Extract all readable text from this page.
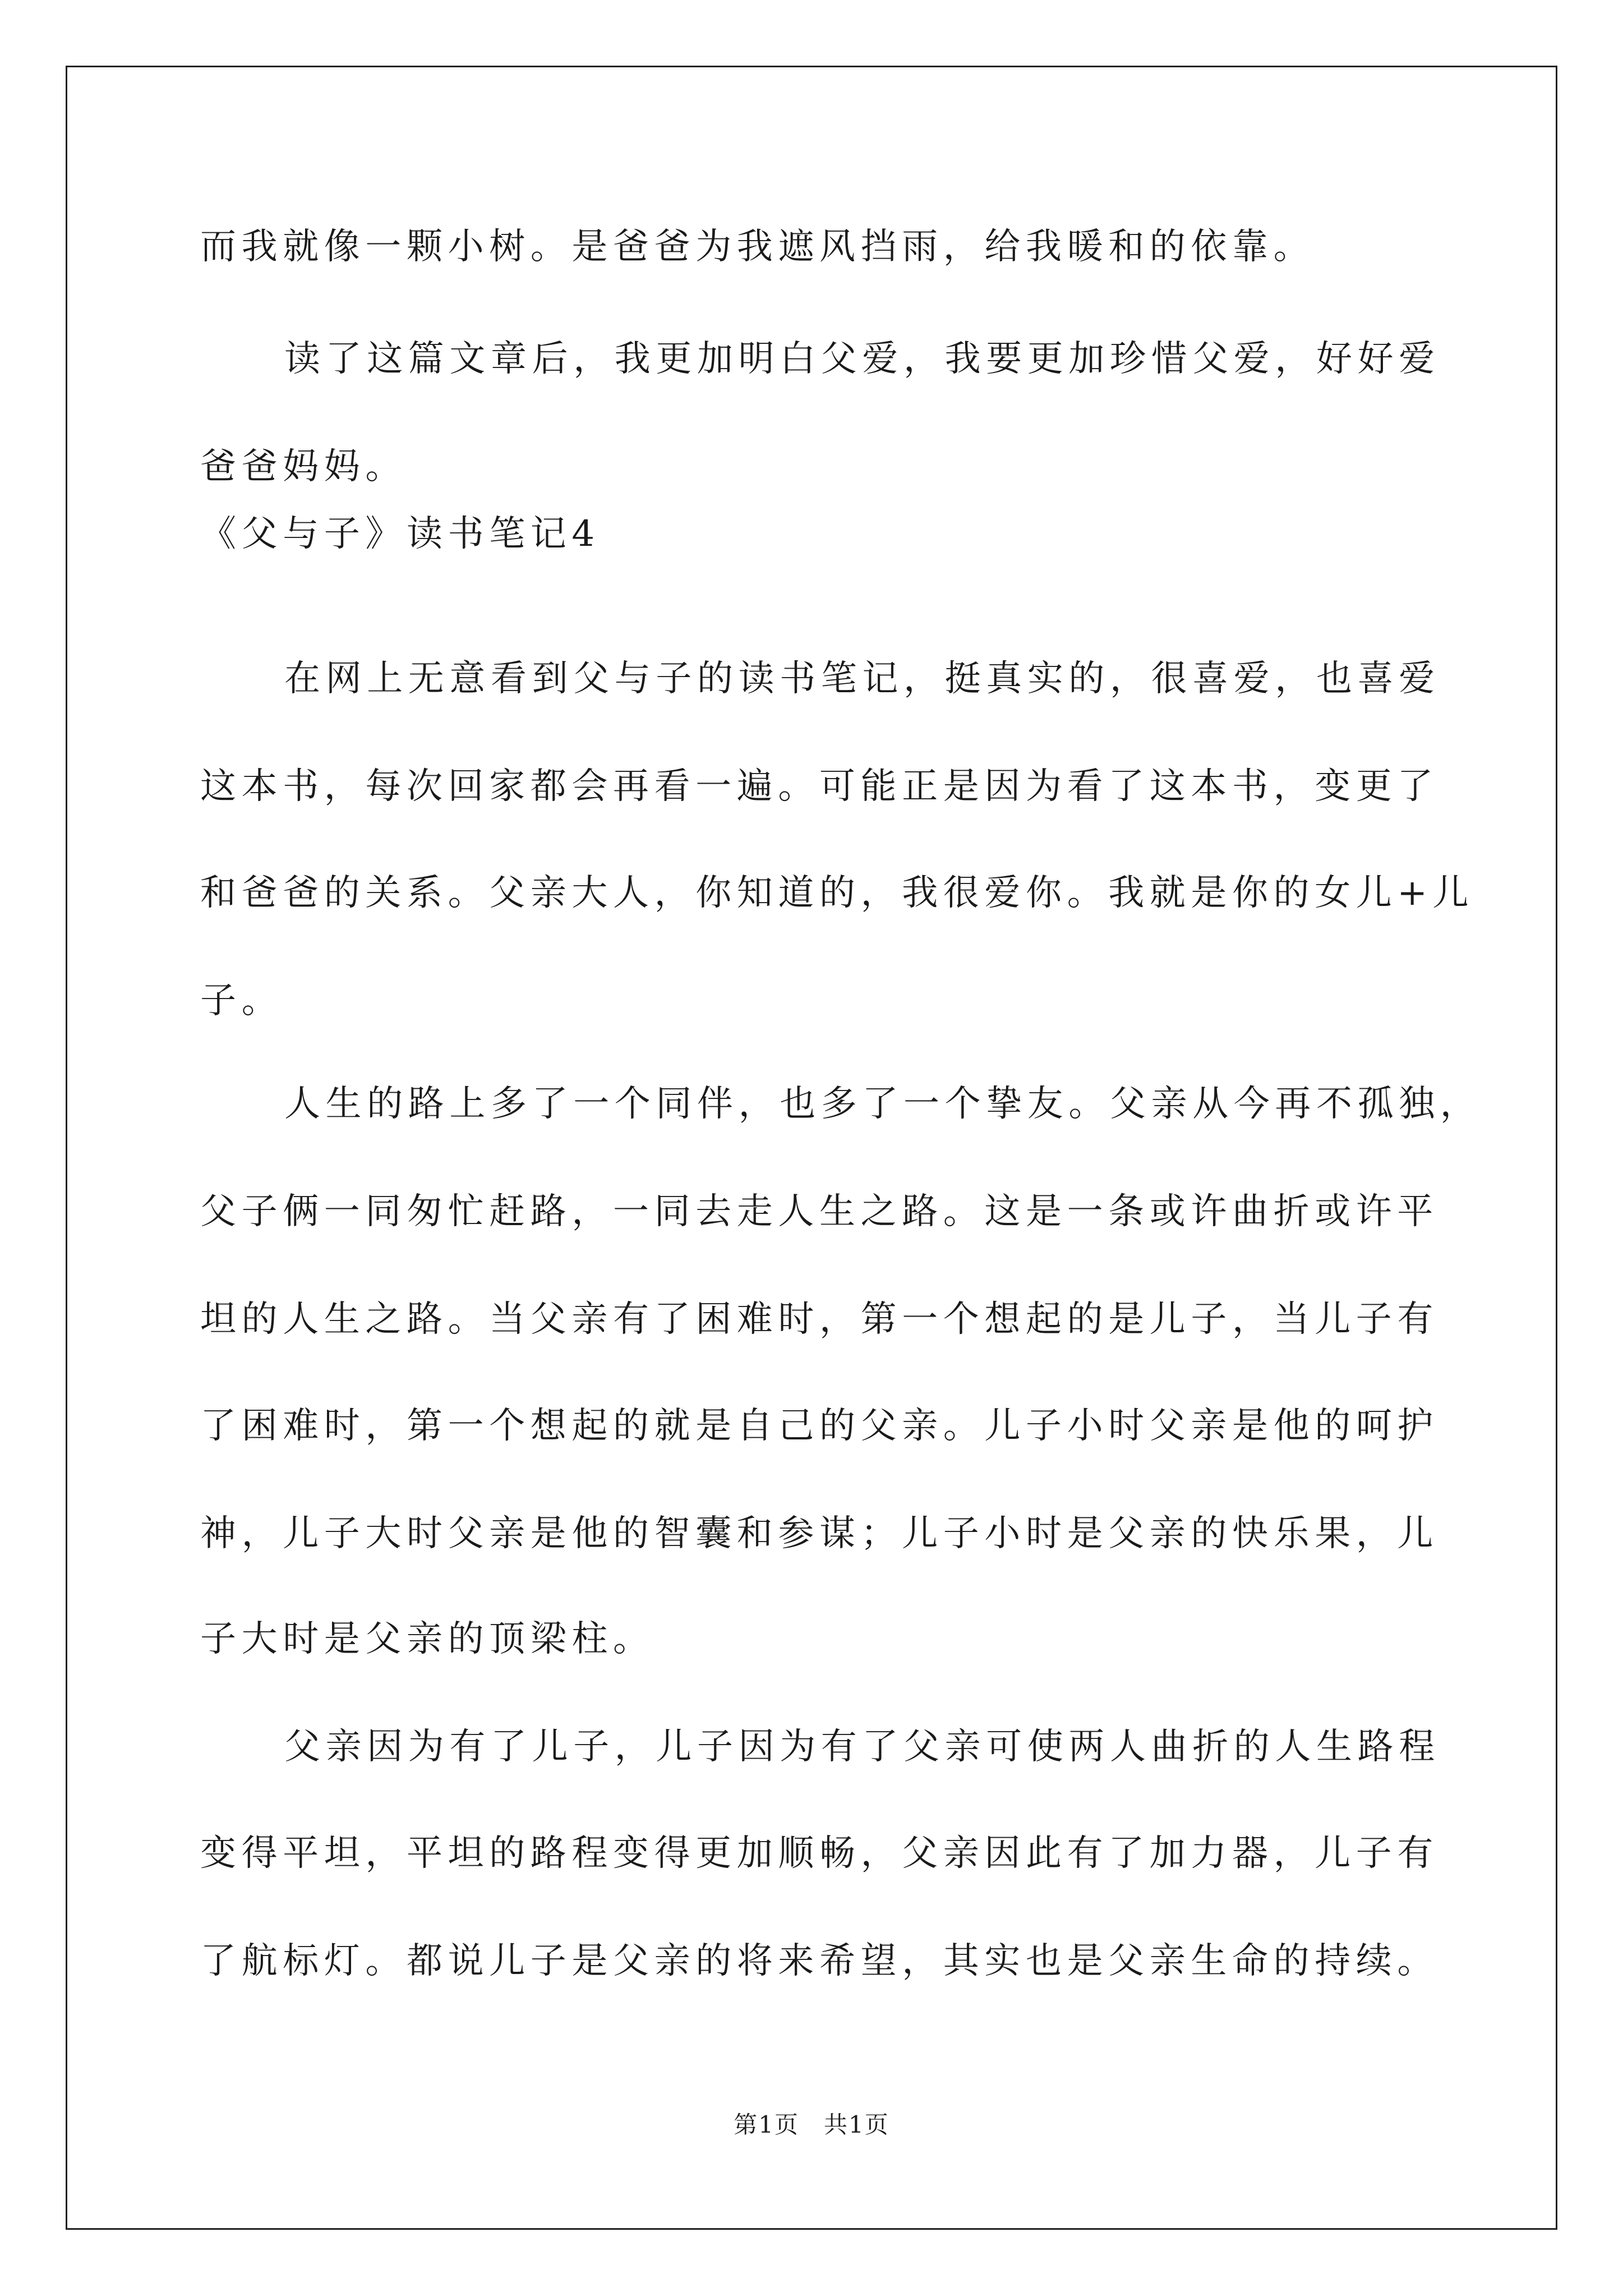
而我就像一颗小树。是爸爸为我遮风挡雨，给我暖和的依靠。
读了这篇文章后，我更加明白父爱，我要更加珍惜父爱，好好爱
爸爸妈妈。
《父与子》读书笔记4
在网上无意看到父与子的读书笔记，挺真实的，很喜爱，也喜爱
这本书，每次回家都会再看一遍。可能正是因为看了这本书，变更了
和爸爸的关系。父亲大人，你知道的，我很爱你。我就是你的女儿+儿
子。
人生的路上多了一个同伴，也多了一个挚友。父亲从今再不孤独，
父子俩一同匆忙赶路，一同去走人生之路。这是一条或许曲折或许平
坦的人生之路。当父亲有了困难时，第一个想起的是儿子，当儿子有
了困难时，第一个想起的就是自己的父亲。儿子小时父亲是他的呵护
神，儿子大时父亲是他的智囊和参谋；儿子小时是父亲的快乐果，儿
子大时是父亲的顶梁柱。
父亲因为有了儿子，儿子因为有了父亲可使两人曲折的人生路程
变得平坦，平坦的路程变得更加顺畅，父亲因此有了加力器，儿子有
了航标灯。都说儿子是父亲的将来希望，其实也是父亲生命的持续。
第1页　共1页
